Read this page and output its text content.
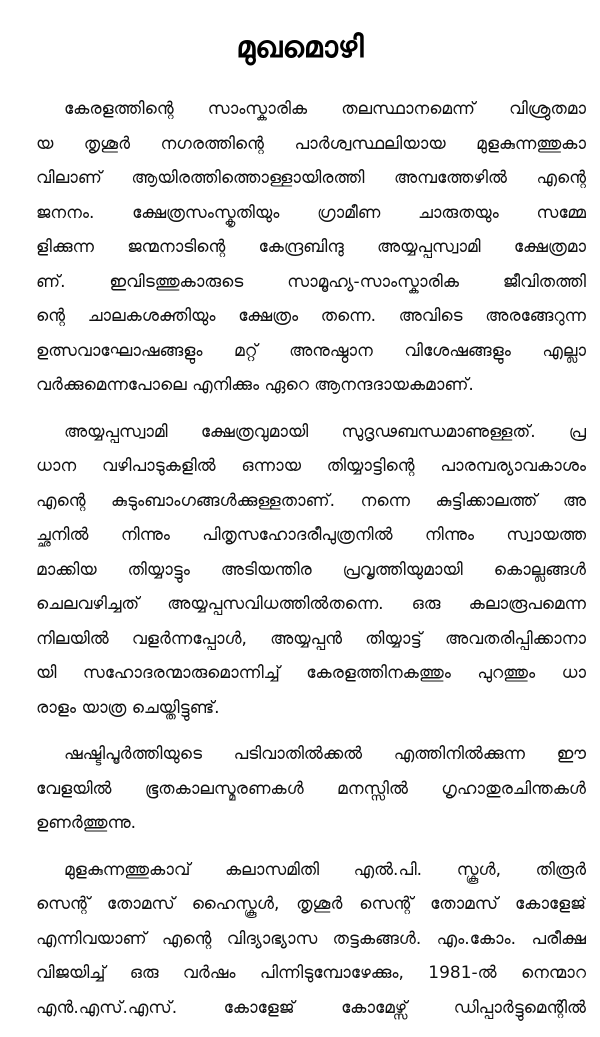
മുഖമൊഴി
കേരളത്തിന്റെ സാംസ്കാരിക തലസ്ഥാനമെന്ന് വിശ്രുതമാ
യ തൃശൂർ നഗരത്തിന്റെ പാർശ്വസ്ഥലിയായ മുളകുന്നത്തുകാ
വിലാണ് ആയിരത്തിത്തൊള്ളായിരത്തി അമ്പത്തേഴിൽ എന്റെ
ജനനം. ക്ഷേത്രസംസ്കൃതിയും ഗ്രാമീണ ചാരുതയും സമ്മേ
ളിക്കുന്ന ജന്മനാടിന്റെ കേന്ദ്രബിന്ദു അയ്യപ്പസ്വാമി ക്ഷേത്രമാ
ണ്. ഇവിടത്തുകാരുടെ സാമൂഹ്യ-സാംസ്കാരിക ജീവിതത്തി
ന്റെ ചാലകശക്തിയും ക്ഷേത്രം തന്നെ. അവിടെ അരങ്ങേറുന്ന
ഉത്സവാഘോഷങ്ങളും മറ്റ് അനുഷ്ഠാന വിശേഷങ്ങളും എല്ലാ
വർക്കുമെന്നപോലെ എനിക്കും ഏറെ ആനന്ദദായകമാണ്.
അയ്യപ്പസ്വാമി ക്ഷേത്രവുമായി സുദൃഢബന്ധമാണുള്ളത്. പ്ര
ധാന വഴിപാടുകളിൽ ഒന്നായ തിയ്യാട്ടിന്റെ പാരമ്പര്യാവകാശം
എന്റെ കുടുംബാംഗങ്ങൾക്കുള്ളതാണ്. നന്നെ കുട്ടിക്കാലത്ത് അ
ച്ഛനിൽ നിന്നും പിതൃസഹോദരീപുത്രനിൽ നിന്നും സ്വായത്ത
മാക്കിയ തിയ്യാട്ടും അടിയന്തിര പ്രവൃത്തിയുമായി കൊല്ലങ്ങൾ
ചെലവഴിച്ചത് അയ്യപ്പസവിധത്തിൽതന്നെ. ഒരു കലാരൂപമെന്ന
നിലയിൽ വളർന്നപ്പോൾ, അയ്യപ്പൻ തിയ്യാട്ട് അവതരിപ്പിക്കാനാ
യി സഹോദരന്മാരുമൊന്നിച്ച് കേരളത്തിനകത്തും പുറത്തും ധാ
രാളം യാത്ര ചെയ്തിട്ടുണ്ട്.
ഷഷ്ടിപൂർത്തിയുടെ പടിവാതിൽക്കൽ എത്തിനിൽക്കുന്ന ഈ
വേളയിൽ ഭൂതകാലസ്മരണകൾ മനസ്സിൽ ഗൃഹാതുരചിന്തകൾ
ഉണർത്തുന്നു.
മുളകുന്നത്തുകാവ് കലാസമിതി എൽ.പി. സ്കൂൾ, തിരൂർ
സെന്റ് തോമസ് ഹൈസ്കൂൾ, തൃശൂർ സെന്റ് തോമസ് കോളേജ്
എന്നിവയാണ് എന്റെ വിദ്യാഭ്യാസ തട്ടകങ്ങൾ. എം.കോം. പരീക്ഷ
വിജയിച്ച് ഒരു വർഷം പിന്നിടുമ്പോഴേക്കും, 1981-ൽ നെന്മാറ
എൻ.എസ്.എസ്. കോളേജ് കോമേഴ്സ് ഡിപ്പാർട്ടുമെന്റിൽ
